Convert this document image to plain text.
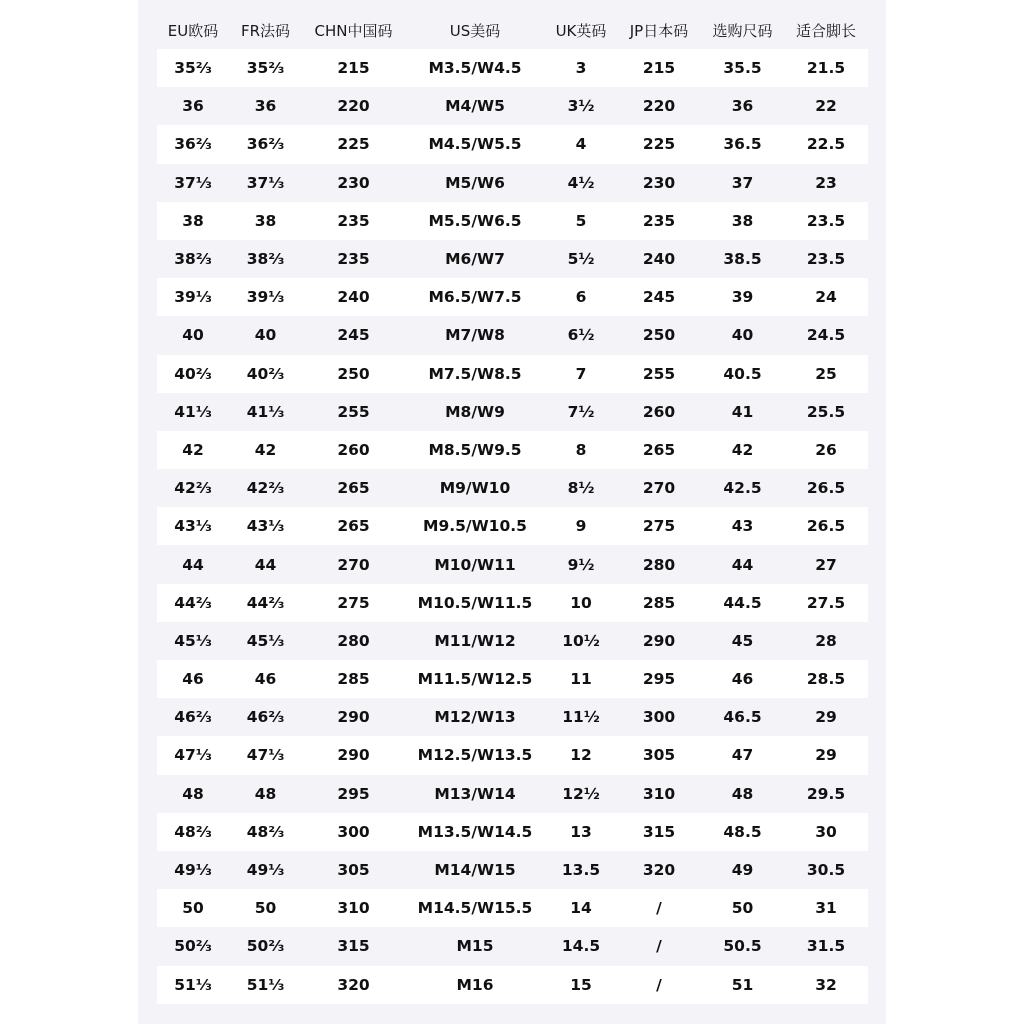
EU欧码	FR法码	CHN中国码	US美码	UK英码	JP日本码	选购尺码	适合脚长
35⅔	35⅔	215	M3.5/W4.5	3	215	35.5	21.5
36	36	220	M4/W5	3½	220	36	22
36⅔	36⅔	225	M4.5/W5.5	4	225	36.5	22.5
37⅓	37⅓	230	M5/W6	4½	230	37	23
38	38	235	M5.5/W6.5	5	235	38	23.5
38⅔	38⅔	235	M6/W7	5½	240	38.5	23.5
39⅓	39⅓	240	M6.5/W7.5	6	245	39	24
40	40	245	M7/W8	6½	250	40	24.5
40⅔	40⅔	250	M7.5/W8.5	7	255	40.5	25
41⅓	41⅓	255	M8/W9	7½	260	41	25.5
42	42	260	M8.5/W9.5	8	265	42	26
42⅔	42⅔	265	M9/W10	8½	270	42.5	26.5
43⅓	43⅓	265	M9.5/W10.5	9	275	43	26.5
44	44	270	M10/W11	9½	280	44	27
44⅔	44⅔	275	M10.5/W11.5	10	285	44.5	27.5
45⅓	45⅓	280	M11/W12	10½	290	45	28
46	46	285	M11.5/W12.5	11	295	46	28.5
46⅔	46⅔	290	M12/W13	11½	300	46.5	29
47⅓	47⅓	290	M12.5/W13.5	12	305	47	29
48	48	295	M13/W14	12½	310	48	29.5
48⅔	48⅔	300	M13.5/W14.5	13	315	48.5	30
49⅓	49⅓	305	M14/W15	13.5	320	49	30.5
50	50	310	M14.5/W15.5	14	/	50	31
50⅔	50⅔	315	M15	14.5	/	50.5	31.5
51⅓	51⅓	320	M16	15	/	51	32
